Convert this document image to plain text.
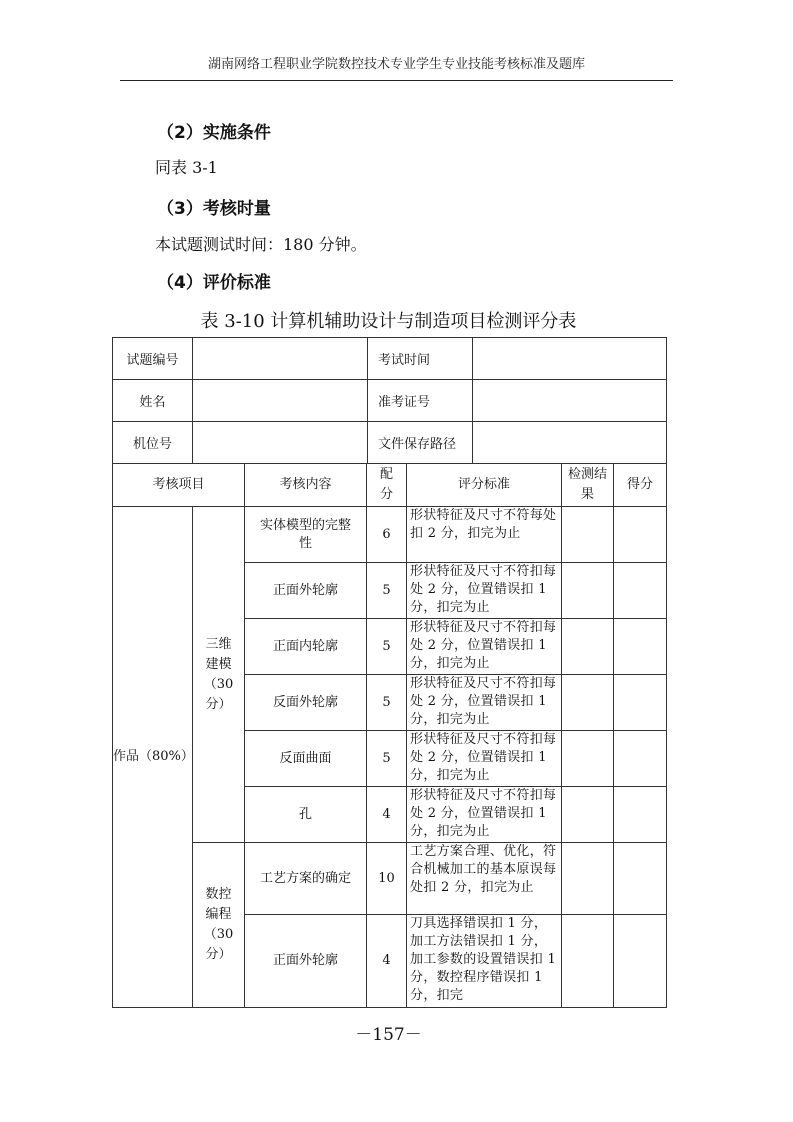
湖南网络工程职业学院数控技术专业学生专业技能考核标准及题库
（2）实施条件
同表 3-1
（3）考核时量
本试题测试时间：180 分钟。
（4）评价标准
表 3-10 计算机辅助设计与制造项目检测评分表
试题编号		考试时间	
姓名		准考证号	
机位号		文件保存路径	
考核项目		考核内容	配分	评分标准	检测结果	得分
作品（80%）	三维建模（30分）	实体模型的完整性	6	形状特征及尺寸不符每处扣 2 分，扣完为止		
		正面外轮廓	5	形状特征及尺寸不符扣每处 2 分，位置错误扣 1 分，扣完为止		
		正面内轮廓	5	形状特征及尺寸不符扣每处 2 分，位置错误扣 1 分，扣完为止		
		反面外轮廓	5	形状特征及尺寸不符扣每处 2 分，位置错误扣 1 分，扣完为止		
		反面曲面	5	形状特征及尺寸不符扣每处 2 分，位置错误扣 1 分，扣完为止		
		孔	4	形状特征及尺寸不符扣每处 2 分，位置错误扣 1 分，扣完为止		
	数控编程（30分）	工艺方案的确定	10	工艺方案合理、优化，符合机械加工的基本原误每处扣 2 分，扣完为止		
		正面外轮廓	4	刀具选择错误扣 1 分，加工方法错误扣 1 分，加工参数的设置错误扣 1 分，数控程序错误扣 1 分，扣完		
－157－
